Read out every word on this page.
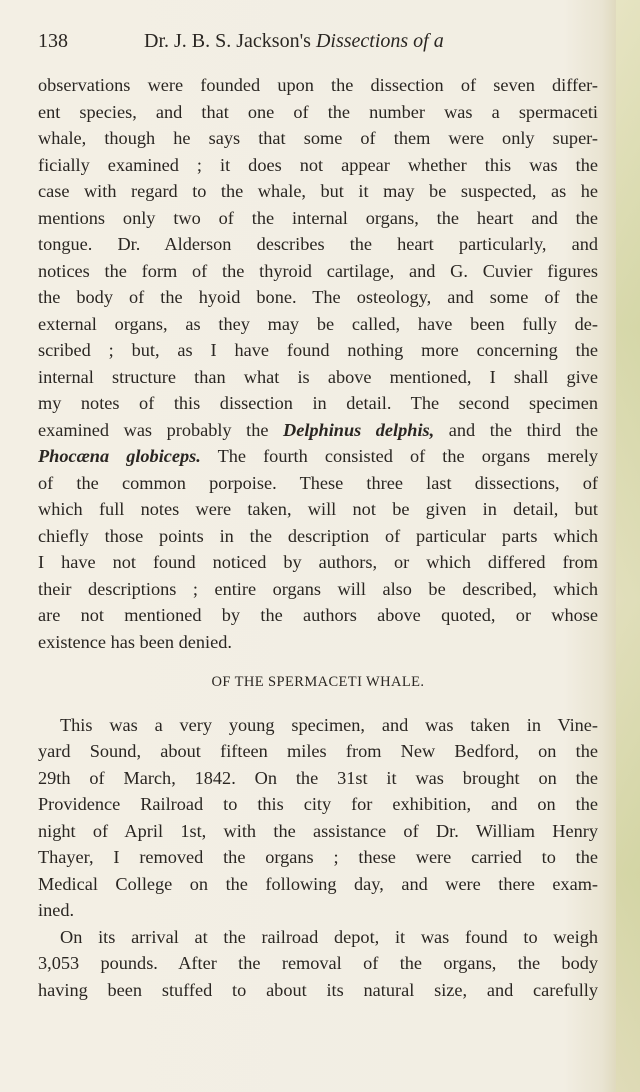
138	Dr. J. B. S. Jackson's Dissections of a
observations were founded upon the dissection of seven differ-
ent species, and that one of the number was a spermaceti
whale, though he says that some of them were only super-
ficially examined ; it does not appear whether this was the
case with regard to the whale, but it may be suspected, as he
mentions only two of the internal organs, the heart and the
tongue. Dr. Alderson describes the heart particularly, and
notices the form of the thyroid cartilage, and G. Cuvier figures
the body of the hyoid bone. The osteology, and some of the
external organs, as they may be called, have been fully de-
scribed ; but, as I have found nothing more concerning the
internal structure than what is above mentioned, I shall give
my notes of this dissection in detail. The second specimen
examined was probably the Delphinus delphis, and the third the
Phocæna globiceps. The fourth consisted of the organs merely
of the common porpoise. These three last dissections, of
which full notes were taken, will not be given in detail, but
chiefly those points in the description of particular parts which
I have not found noticed by authors, or which differed from
their descriptions ; entire organs will also be described, which
are not mentioned by the authors above quoted, or whose
existence has been denied.
OF THE SPERMACETI WHALE.
This was a very young specimen, and was taken in Vine-
yard Sound, about fifteen miles from New Bedford, on the
29th of March, 1842. On the 31st it was brought on the
Providence Railroad to this city for exhibition, and on the
night of April 1st, with the assistance of Dr. William Henry
Thayer, I removed the organs ; these were carried to the
Medical College on the following day, and were there exam-
ined.
On its arrival at the railroad depot, it was found to weigh
3,053 pounds. After the removal of the organs, the body
having been stuffed to about its natural size, and carefully
